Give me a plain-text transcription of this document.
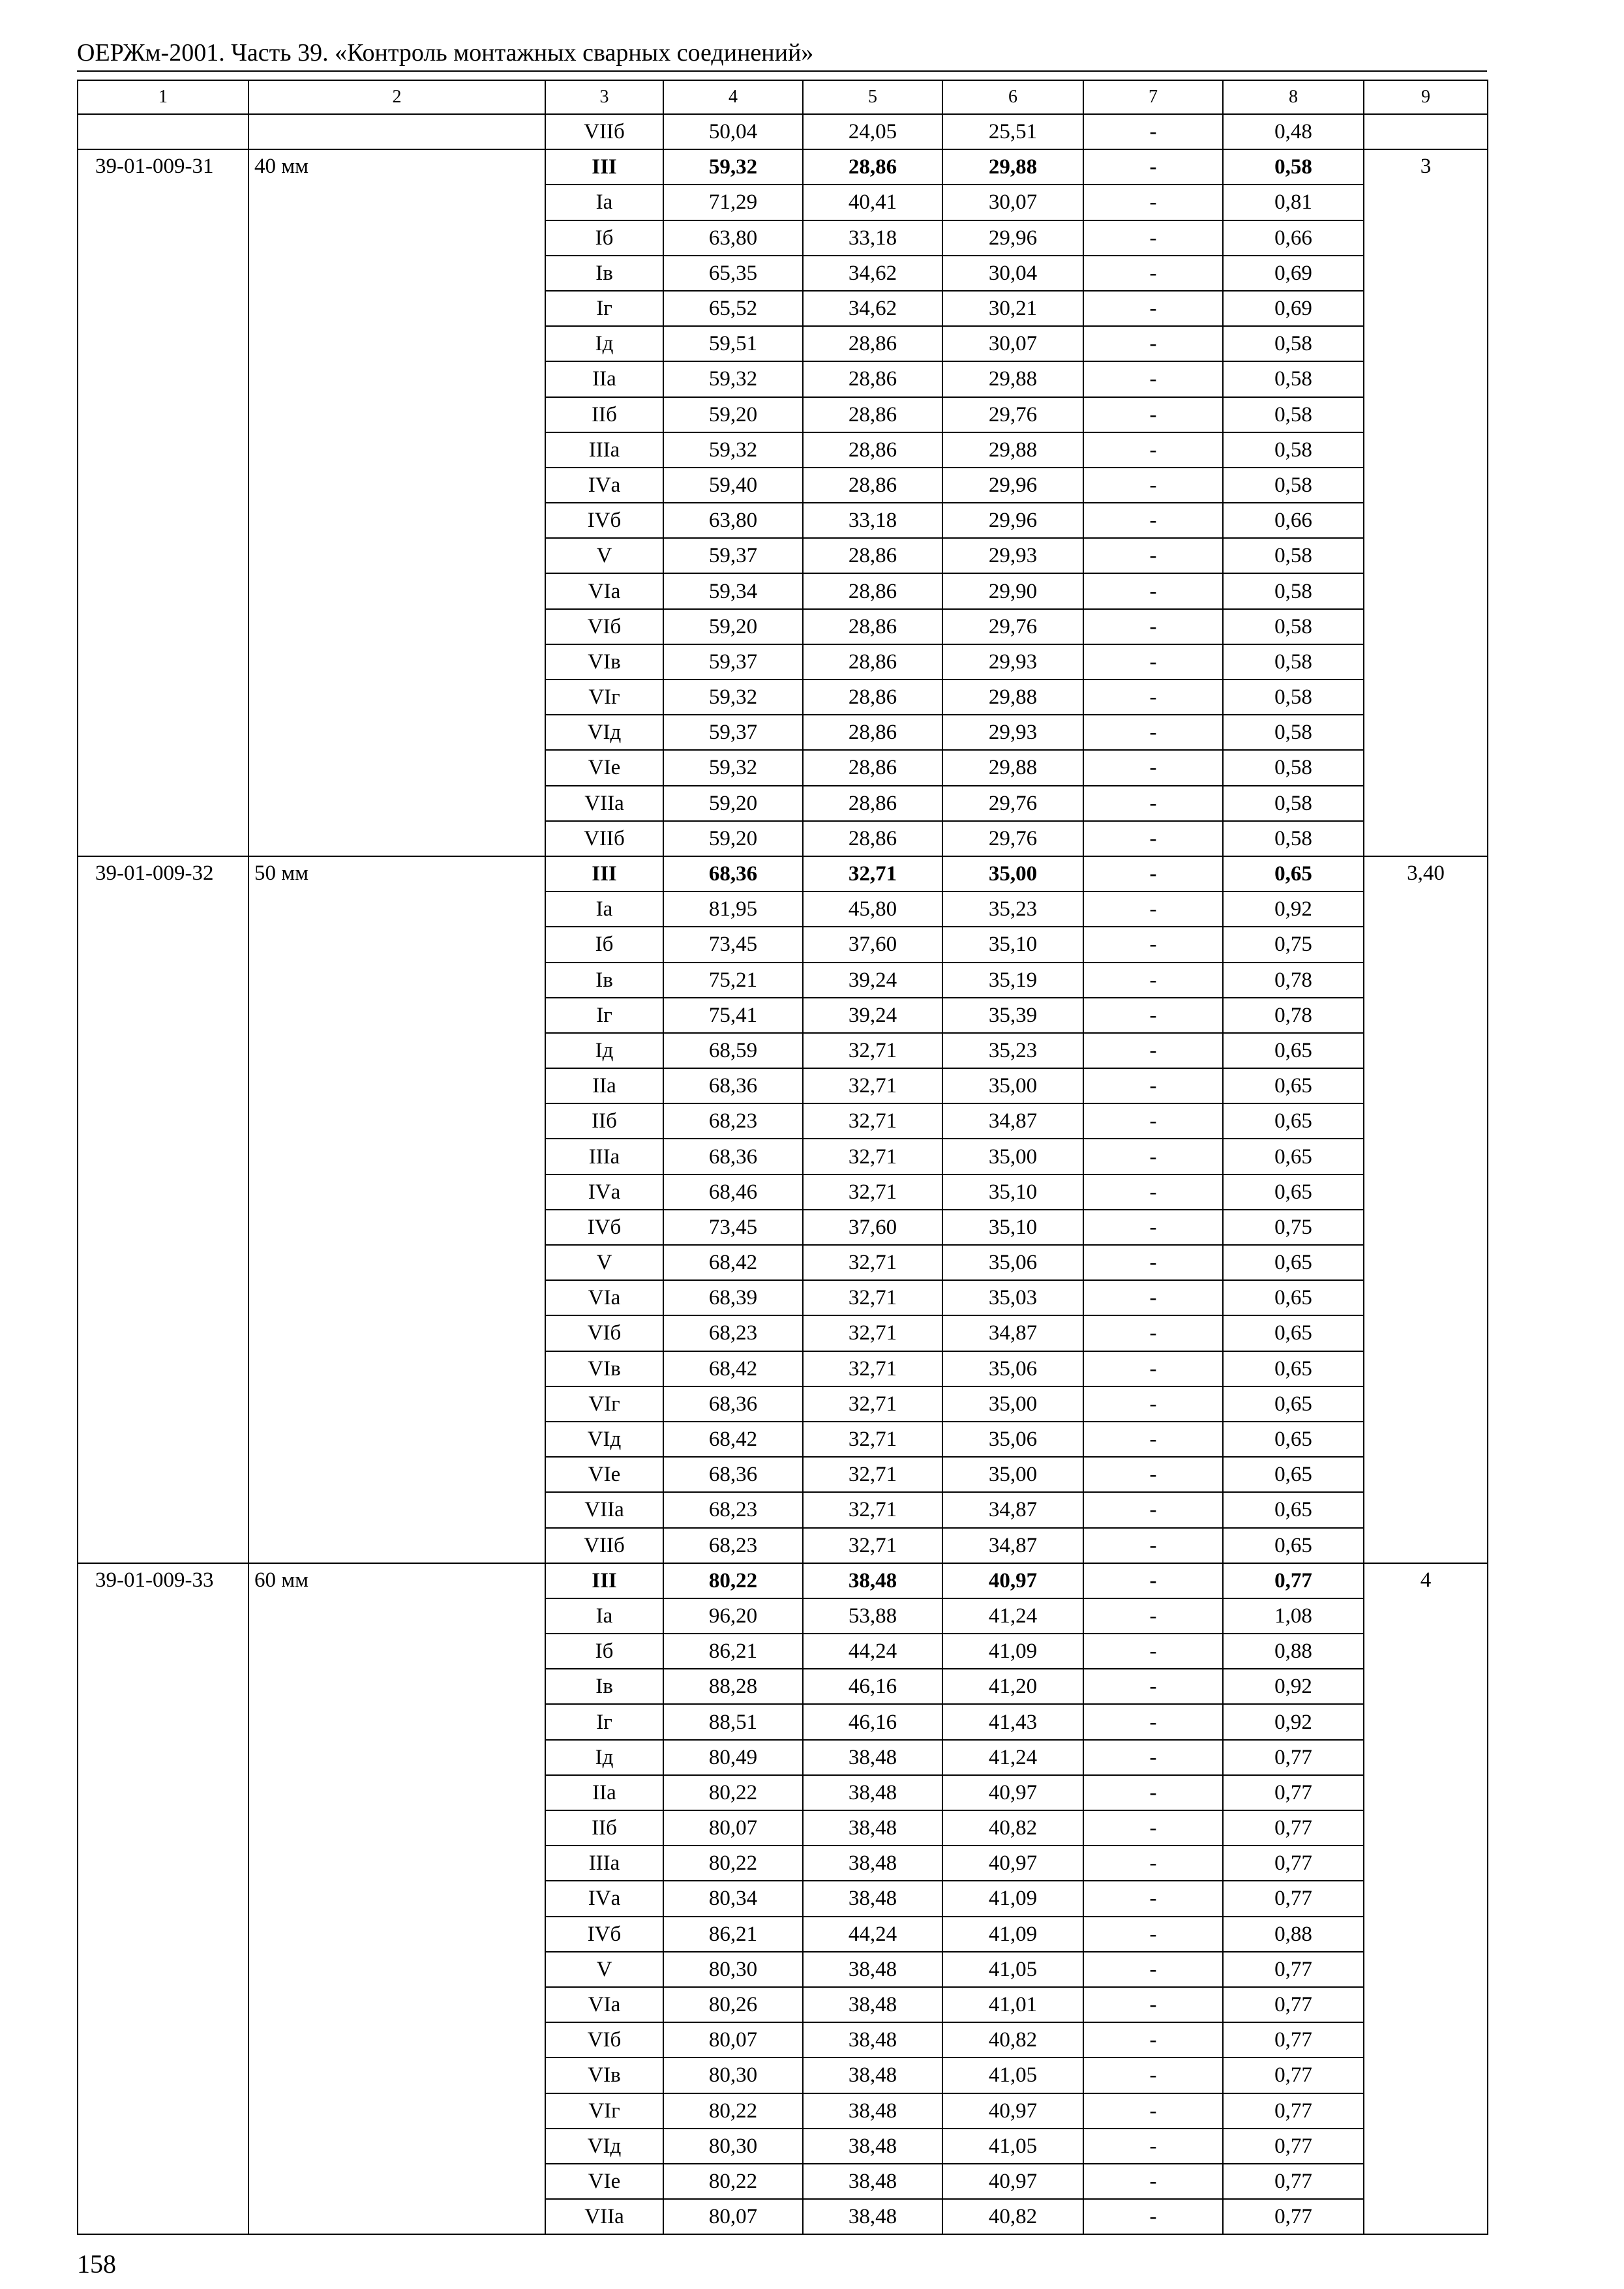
ОЕРЖм-2001. Часть 39. «Контроль монтажных сварных соединений»
1	2	3	4	5	6	7	8	9
		VIIб	50,04	24,05	25,51	-	0,48	
39-01-009-31	40 мм	III	59,32	28,86	29,88	-	0,58	3
		Iа	71,29	40,41	30,07	-	0,81	
		Iб	63,80	33,18	29,96	-	0,66	
		Iв	65,35	34,62	30,04	-	0,69	
		Iг	65,52	34,62	30,21	-	0,69	
		Iд	59,51	28,86	30,07	-	0,58	
		IIа	59,32	28,86	29,88	-	0,58	
		IIб	59,20	28,86	29,76	-	0,58	
		IIIа	59,32	28,86	29,88	-	0,58	
		IVа	59,40	28,86	29,96	-	0,58	
		IVб	63,80	33,18	29,96	-	0,66	
		V	59,37	28,86	29,93	-	0,58	
		VIа	59,34	28,86	29,90	-	0,58	
		VIб	59,20	28,86	29,76	-	0,58	
		VIв	59,37	28,86	29,93	-	0,58	
		VIг	59,32	28,86	29,88	-	0,58	
		VIд	59,37	28,86	29,93	-	0,58	
		VIе	59,32	28,86	29,88	-	0,58	
		VIIа	59,20	28,86	29,76	-	0,58	
		VIIб	59,20	28,86	29,76	-	0,58	
39-01-009-32	50 мм	III	68,36	32,71	35,00	-	0,65	3,40
		Iа	81,95	45,80	35,23	-	0,92	
		Iб	73,45	37,60	35,10	-	0,75	
		Iв	75,21	39,24	35,19	-	0,78	
		Iг	75,41	39,24	35,39	-	0,78	
		Iд	68,59	32,71	35,23	-	0,65	
		IIа	68,36	32,71	35,00	-	0,65	
		IIб	68,23	32,71	34,87	-	0,65	
		IIIа	68,36	32,71	35,00	-	0,65	
		IVа	68,46	32,71	35,10	-	0,65	
		IVб	73,45	37,60	35,10	-	0,75	
		V	68,42	32,71	35,06	-	0,65	
		VIа	68,39	32,71	35,03	-	0,65	
		VIб	68,23	32,71	34,87	-	0,65	
		VIв	68,42	32,71	35,06	-	0,65	
		VIг	68,36	32,71	35,00	-	0,65	
		VIд	68,42	32,71	35,06	-	0,65	
		VIе	68,36	32,71	35,00	-	0,65	
		VIIа	68,23	32,71	34,87	-	0,65	
		VIIб	68,23	32,71	34,87	-	0,65	
39-01-009-33	60 мм	III	80,22	38,48	40,97	-	0,77	4
		Iа	96,20	53,88	41,24	-	1,08	
		Iб	86,21	44,24	41,09	-	0,88	
		Iв	88,28	46,16	41,20	-	0,92	
		Iг	88,51	46,16	41,43	-	0,92	
		Iд	80,49	38,48	41,24	-	0,77	
		IIа	80,22	38,48	40,97	-	0,77	
		IIб	80,07	38,48	40,82	-	0,77	
		IIIа	80,22	38,48	40,97	-	0,77	
		IVа	80,34	38,48	41,09	-	0,77	
		IVб	86,21	44,24	41,09	-	0,88	
		V	80,30	38,48	41,05	-	0,77	
		VIа	80,26	38,48	41,01	-	0,77	
		VIб	80,07	38,48	40,82	-	0,77	
		VIв	80,30	38,48	41,05	-	0,77	
		VIг	80,22	38,48	40,97	-	0,77	
		VIд	80,30	38,48	41,05	-	0,77	
		VIе	80,22	38,48	40,97	-	0,77	
		VIIа	80,07	38,48	40,82	-	0,77	
158
